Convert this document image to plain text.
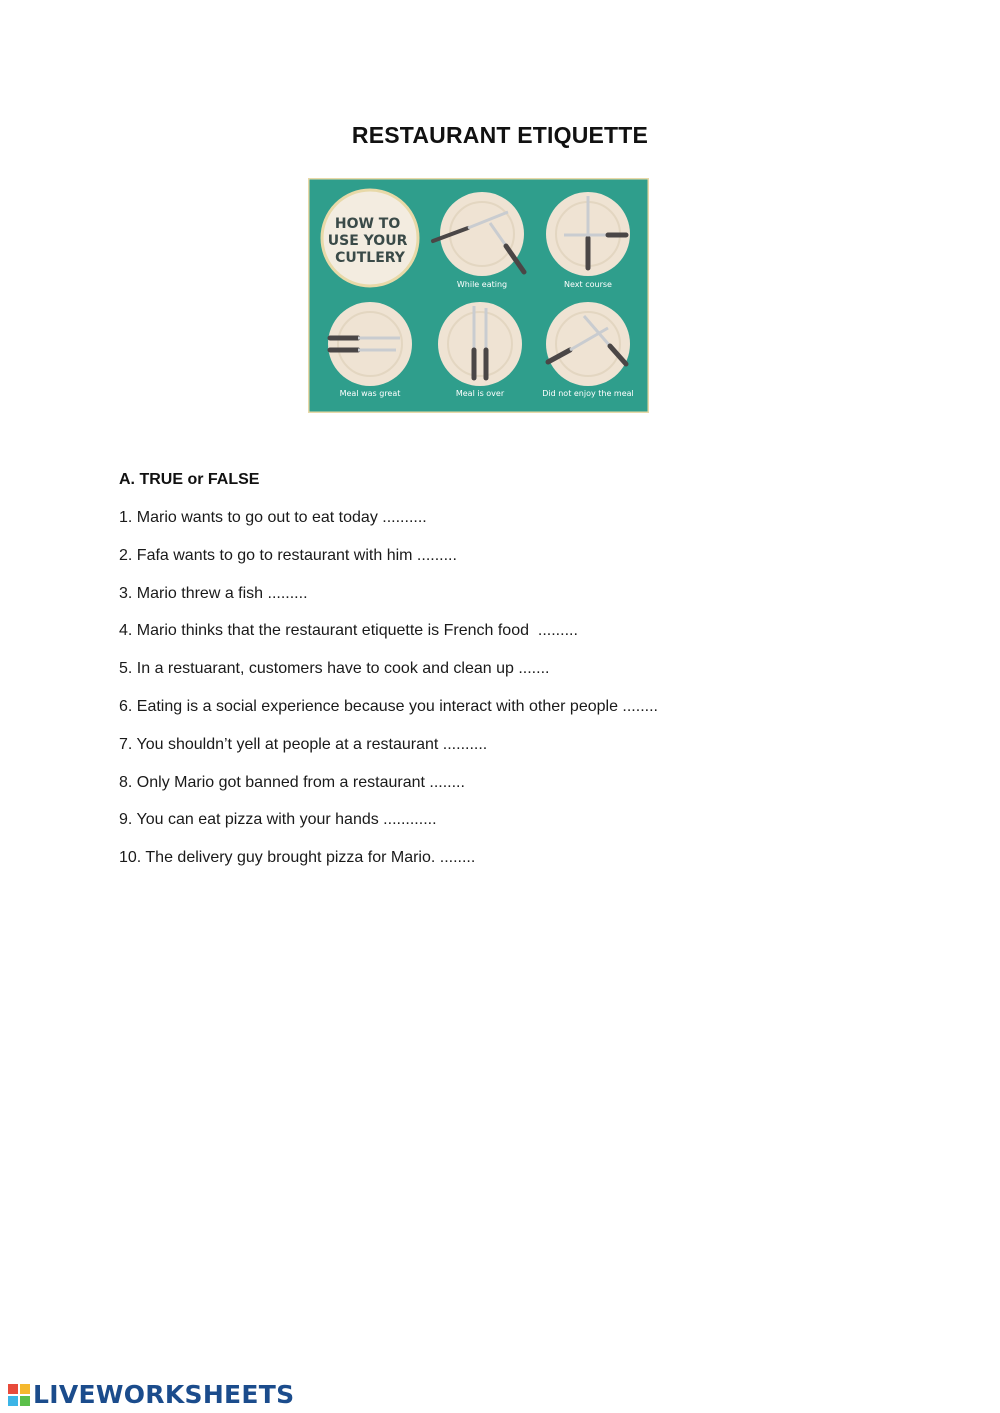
RESTAURANT ETIQUETTE
HOW TO USE YOUR CUTLERY
While eating	Next course
Meal was great	Meal is over	Did not enjoy the meal
A. TRUE or FALSE
1. Mario wants to go out to eat today ..........
2. Fafa wants to go to restaurant with him .........
3. Mario threw a fish .........
4. Mario thinks that the restaurant etiquette is French food  .........
5. In a restuarant, customers have to cook and clean up .......
6. Eating is a social experience because you interact with other people ........
7. You shouldn’t yell at people at a restaurant ..........
8. Only Mario got banned from a restaurant ........
9. You can eat pizza with your hands ............
10. The delivery guy brought pizza for Mario. ........
LIVEWORKSHEETS
